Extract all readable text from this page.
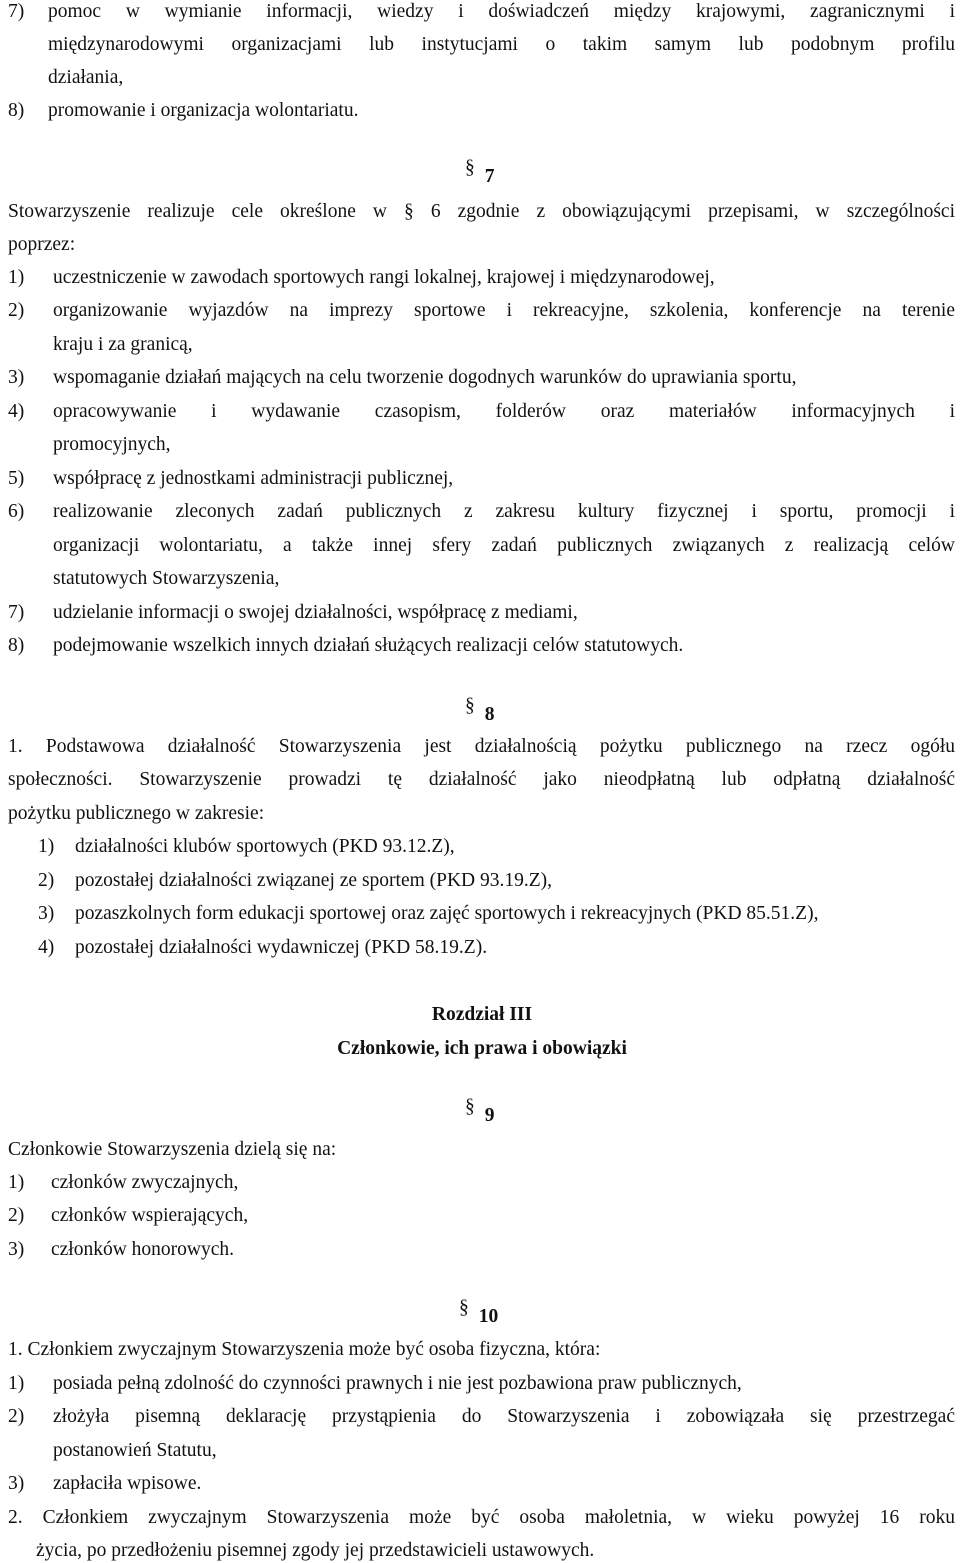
7) pomoc w wymianie informacji, wiedzy i doświadczeń między krajowymi, zagranicznymi i
międzynarodowymi organizacjami lub instytucjami o takim samym lub podobnym profilu
działania,
8) promowanie i organizacja wolontariatu.
§ 7
Stowarzyszenie realizuje cele określone w § 6 zgodnie z obowiązującymi przepisami, w szczególności
poprzez:
1) uczestniczenie w zawodach sportowych rangi lokalnej, krajowej i międzynarodowej,
2) organizowanie wyjazdów na imprezy sportowe i rekreacyjne, szkolenia, konferencje na terenie
kraju i za granicą,
3) wspomaganie działań mających na celu tworzenie dogodnych warunków do uprawiania sportu,
4) opracowywanie i wydawanie czasopism, folderów oraz materiałów informacyjnych i
promocyjnych,
5) współpracę z jednostkami administracji publicznej,
6) realizowanie zleconych zadań publicznych z zakresu kultury fizycznej i sportu, promocji i
organizacji wolontariatu, a także innej sfery zadań publicznych związanych z realizacją celów
statutowych Stowarzyszenia,
7) udzielanie informacji o swojej działalności, współpracę z mediami,
8) podejmowanie wszelkich innych działań służących realizacji celów statutowych.
§ 8
1. Podstawowa działalność Stowarzyszenia jest działalnością pożytku publicznego na rzecz ogółu
społeczności. Stowarzyszenie prowadzi tę działalność jako nieodpłatną lub odpłatną działalność
pożytku publicznego w zakresie:
1) działalności klubów sportowych (PKD 93.12.Z),
2) pozostałej działalności związanej ze sportem (PKD 93.19.Z),
3) pozaszkolnych form edukacji sportowej oraz zajęć sportowych i rekreacyjnych (PKD 85.51.Z),
4) pozostałej działalności wydawniczej (PKD 58.19.Z).
Rozdział III
Członkowie, ich prawa i obowiązki
§ 9
Członkowie Stowarzyszenia dzielą się na:
1) członków zwyczajnych,
2) członków wspierających,
3) członków honorowych.
§ 10
1. Członkiem zwyczajnym Stowarzyszenia może być osoba fizyczna, która:
1) posiada pełną zdolność do czynności prawnych i nie jest pozbawiona praw publicznych,
2) złożyła pisemną deklarację przystąpienia do Stowarzyszenia i zobowiązała się przestrzegać
postanowień Statutu,
3) zapłaciła wpisowe.
2. Członkiem zwyczajnym Stowarzyszenia może być osoba małoletnia, w wieku powyżej 16 roku
życia, po przedłożeniu pisemnej zgody jej przedstawicieli ustawowych.
